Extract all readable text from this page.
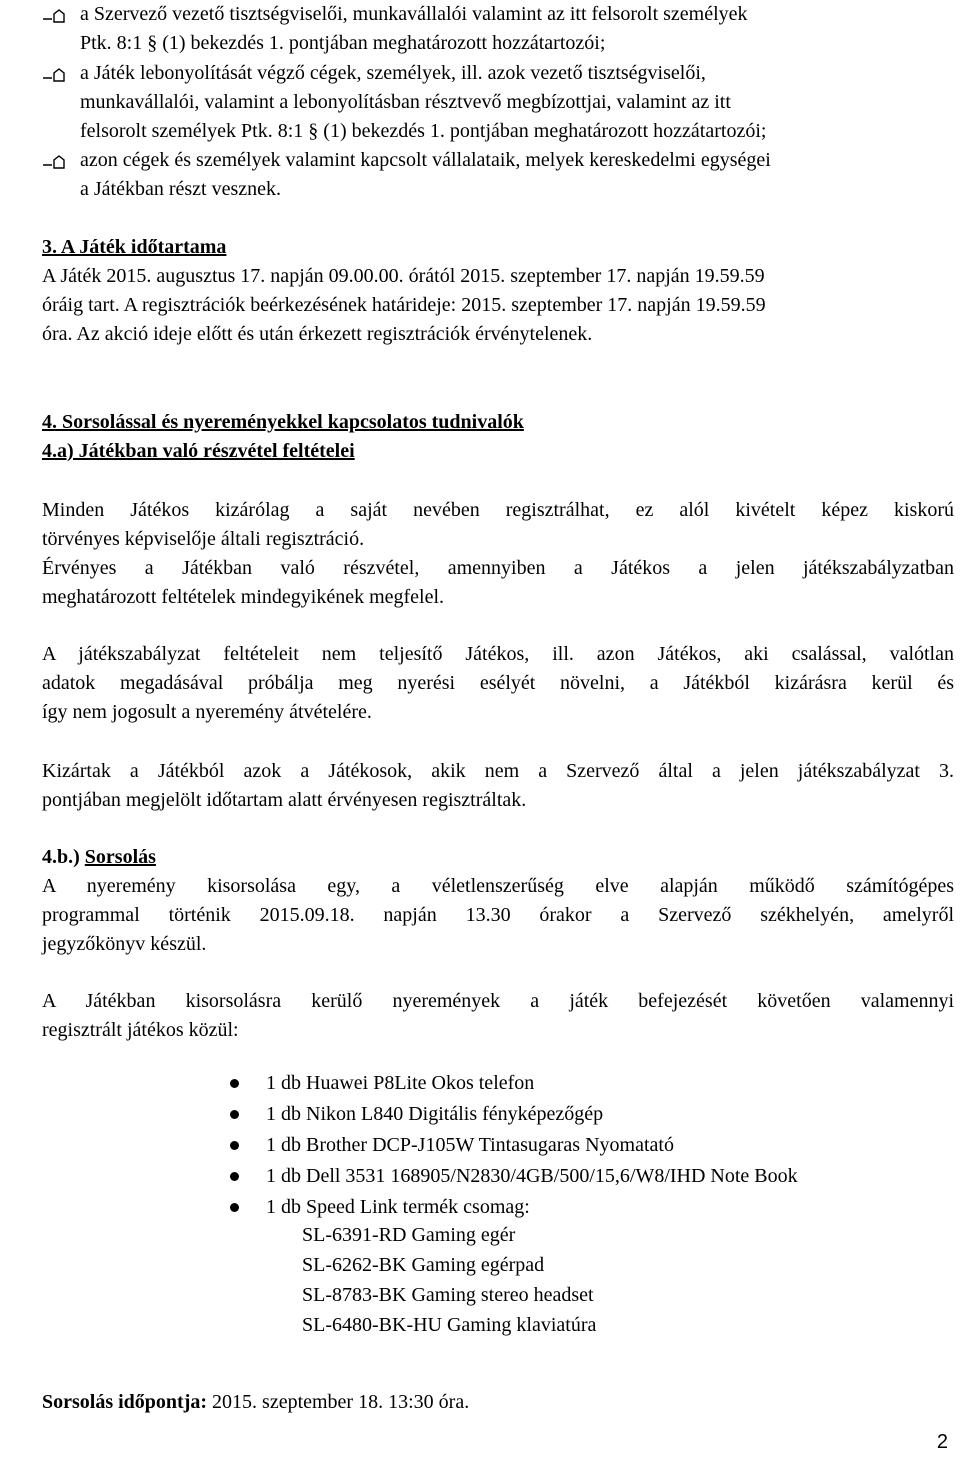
a Szervező vezető tisztségviselői, munkavállalói valamint az itt felsorolt személyek
Ptk. 8:1 § (1) bekezdés 1. pontjában meghatározott hozzátartozói;
a Játék lebonyolítását végző cégek, személyek, ill. azok vezető tisztségviselői,
munkavállalói, valamint a lebonyolításban résztvevő megbízottjai, valamint az itt
felsorolt személyek Ptk. 8:1 § (1) bekezdés 1. pontjában meghatározott hozzátartozói;
azon cégek és személyek valamint kapcsolt vállalataik, melyek kereskedelmi egységei
a Játékban részt vesznek.
3. A Játék időtartama
A Játék 2015. augusztus 17. napján 09.00.00. órától 2015. szeptember 17. napján 19.59.59
óráig tart. A regisztrációk beérkezésének határideje: 2015. szeptember 17. napján 19.59.59
óra. Az akció ideje előtt és után érkezett regisztrációk érvénytelenek.
4. Sorsolással és nyereményekkel kapcsolatos tudnivalók
4.a) Játékban való részvétel feltételei
Minden Játékos kizárólag a saját nevében regisztrálhat, ez alól kivételt képez kiskorú
törvényes képviselője általi regisztráció.
Érvényes a Játékban való részvétel, amennyiben a Játékos a jelen játékszabályzatban
meghatározott feltételek mindegyikének megfelel.
A játékszabályzat feltételeit nem teljesítő Játékos, ill. azon Játékos, aki csalással, valótlan
adatok megadásával próbálja meg nyerési esélyét növelni, a Játékból kizárásra kerül és
így nem jogosult a nyeremény átvételére.
Kizártak a Játékból azok a Játékosok, akik nem a Szervező által a jelen játékszabályzat 3.
pontjában megjelölt időtartam alatt érvényesen regisztráltak.
4.b.) Sorsolás
A nyeremény kisorsolása egy, a véletlenszerűség elve alapján működő számítógépes
programmal történik 2015.09.18. napján 13.30 órakor a Szervező székhelyén, amelyről
jegyzőkönyv készül.
A Játékban kisorsolásra kerülő nyeremények a játék befejezését követően valamennyi
regisztrált játékos közül:
1 db Huawei P8Lite Okos telefon
1 db Nikon L840 Digitális fényképezőgép
1 db Brother DCP-J105W Tintasugaras Nyomatató
1 db Dell 3531 168905/N2830/4GB/500/15,6/W8/IHD Note Book
1 db Speed Link termék csomag:
SL-6391-RD Gaming egér
SL-6262-BK Gaming egérpad
SL-8783-BK Gaming stereo headset
SL-6480-BK-HU Gaming klaviatúra
Sorsolás időpontja: 2015. szeptember 18. 13:30 óra.
2
